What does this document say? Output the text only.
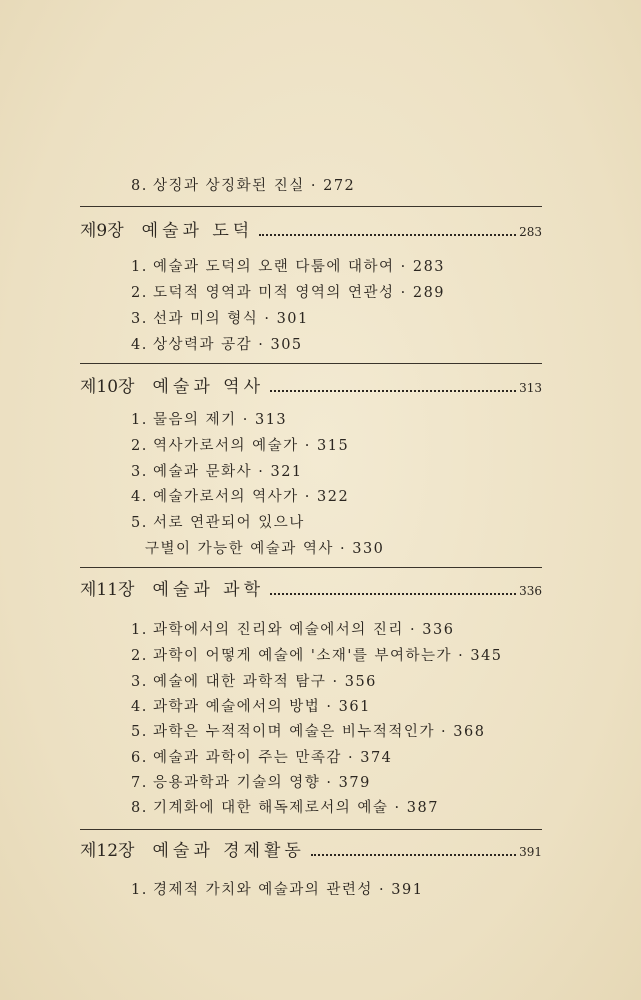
8. 상징과 상징화된 진실 · 272
제9장 예술과 도덕	283
1. 예술과 도덕의 오랜 다툼에 대하여 · 283
2. 도덕적 영역과 미적 영역의 연관성 · 289
3. 선과 미의 형식 · 301
4. 상상력과 공감 · 305
제10장 예술과 역사	313
1. 물음의 제기 · 313
2. 역사가로서의 예술가 · 315
3. 예술과 문화사 · 321
4. 예술가로서의 역사가 · 322
5. 서로 연관되어 있으나
구별이 가능한 예술과 역사 · 330
제11장 예술과 과학	336
1. 과학에서의 진리와 예술에서의 진리 · 336
2. 과학이 어떻게 예술에 '소재'를 부여하는가 · 345
3. 예술에 대한 과학적 탐구 · 356
4. 과학과 예술에서의 방법 · 361
5. 과학은 누적적이며 예술은 비누적적인가 · 368
6. 예술과 과학이 주는 만족감 · 374
7. 응용과학과 기술의 영향 · 379
8. 기계화에 대한 해독제로서의 예술 · 387
제12장 예술과 경제활동	391
1. 경제적 가치와 예술과의 관련성 · 391
